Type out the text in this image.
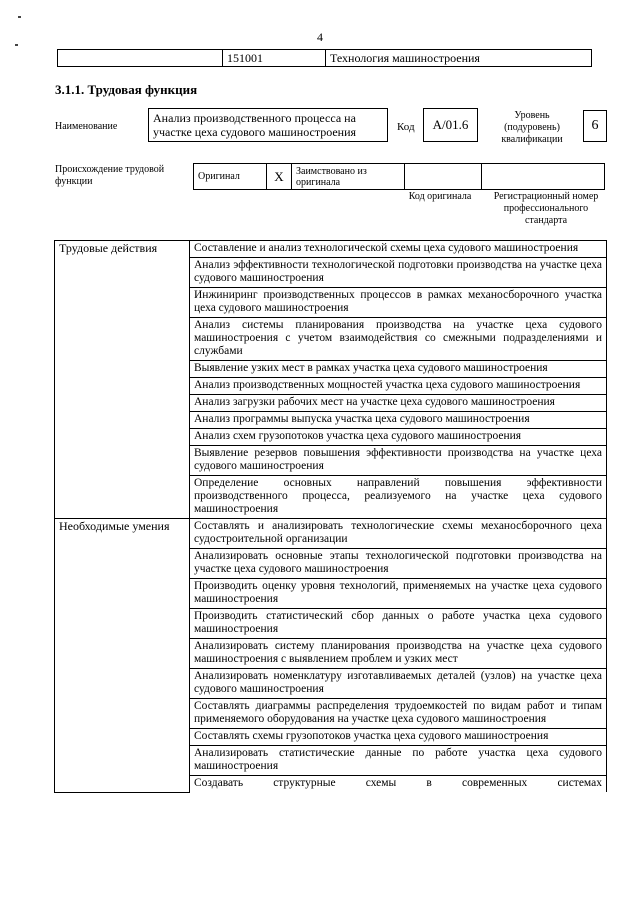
4
	151001	Технология машиностроения
3.1.1. Трудовая функция
Наименование
Анализ производственного процесса на участке цеха судового машиностроения	Код	А/01.6
Уровень (подуровень) квалификации
6
Происхождение трудовой функции	Оригинал	X	Заимствовано из оригинала		
Код оригинала	Регистрационный номер профессионального стандарта
Трудовые действия	Составление и анализ технологической схемы цеха судового машиностроения
	Анализ эффективности технологической подготовки производства на участке цеха судового машиностроения
	Инжиниринг производственных процессов в рамках механосборочного участка цеха судового машиностроения
	Анализ системы планирования производства на участке цеха судового машиностроения с учетом взаимодействия со смежными подразделениями и службами
	Выявление узких мест в рамках участка цеха судового машиностроения
	Анализ производственных мощностей участка цеха судового машиностроения
	Анализ загрузки рабочих мест на участке цеха судового машиностроения
	Анализ программы выпуска участка цеха судового машиностроения
	Анализ схем грузопотоков участка цеха судового машиностроения
	Выявление резервов повышения эффективности производства на участке цеха судового машиностроения
	Определение основных направлений повышения эффективности производственного процесса, реализуемого на участке цеха судового машиностроения
Необходимые умения	Составлять и анализировать технологические схемы механосборочного цеха судостроительной организации
	Анализировать основные этапы технологической подготовки производства на участке цеха судового машиностроения
	Производить оценку уровня технологий, применяемых на участке цеха судового машиностроения
	Производить статистический сбор данных о работе участка цеха судового машиностроения
	Анализировать систему планирования производства на участке цеха судового машиностроения с выявлением проблем и узких мест
	Анализировать номенклатуру изготавливаемых деталей (узлов) на участке цеха судового машиностроения
	Составлять диаграммы распределения трудоемкостей по видам работ и типам применяемого оборудования на участке цеха судового машиностроения
	Составлять схемы грузопотоков участка цеха судового машиностроения
	Анализировать статистические данные по работе участка цеха судового машиностроения
	Создавать структурные схемы в современных системах
